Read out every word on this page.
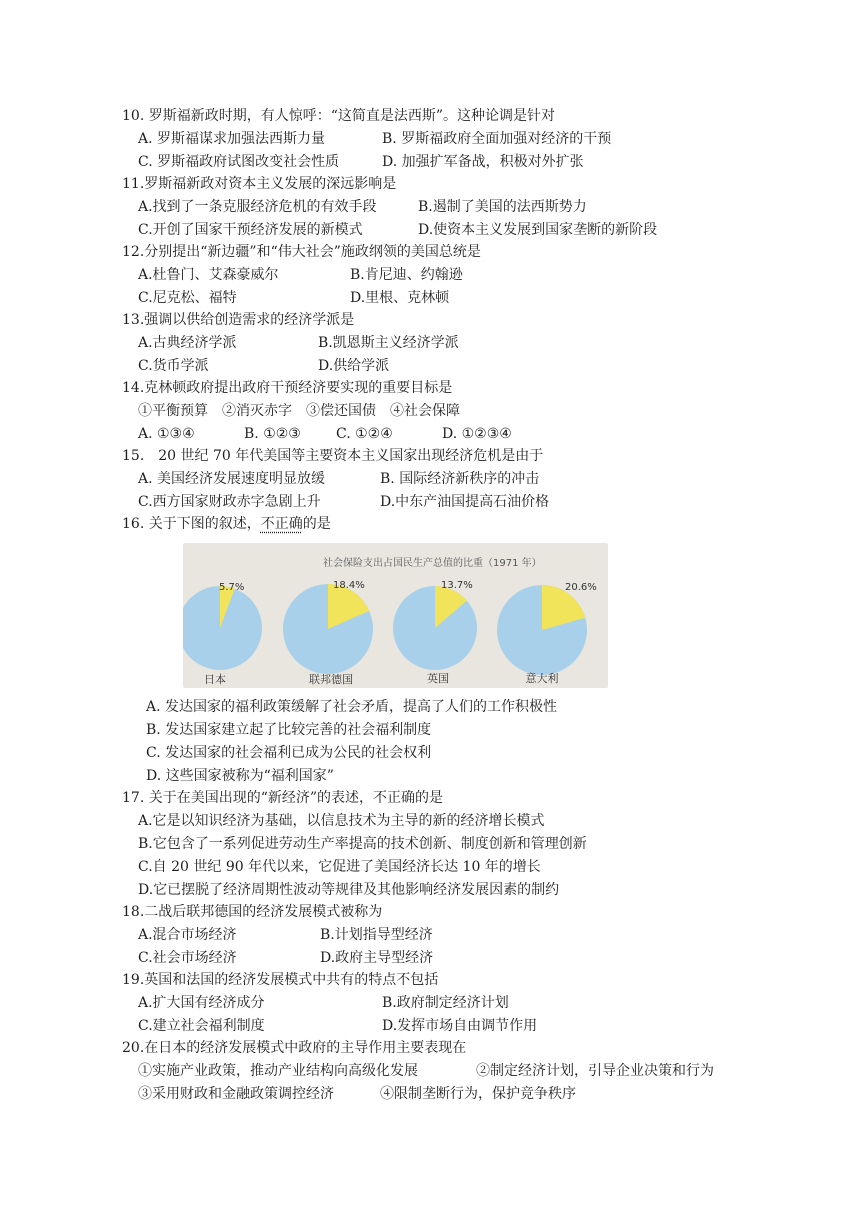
10. 罗斯福新政时期，有人惊呼：“这简直是法西斯”。这种论调是针对
A. 罗斯福谋求加强法西斯力量	B. 罗斯福政府全面加强对经济的干预
C. 罗斯福政府试图改变社会性质	D. 加强扩军备战，积极对外扩张
11.罗斯福新政对资本主义发展的深远影响是
A.找到了一条克服经济危机的有效手段	B.遏制了美国的法西斯势力
C.开创了国家干预经济发展的新模式	D.使资本主义发展到国家垄断的新阶段
12.分别提出“新边疆”和“伟大社会”施政纲领的美国总统是
A.杜鲁门、艾森豪威尔	B.肯尼迪、约翰逊
C.尼克松、福特	D.里根、克林顿
13.强调以供给创造需求的经济学派是
A.古典经济学派	B.凯恩斯主义经济学派
C.货币学派	D.供给学派
14.克林顿政府提出政府干预经济要实现的重要目标是
①平衡预算　②消灭赤字　③偿还国债　④社会保障
A. ①③④	B. ①②③	C. ①②④	D. ①②③④
15.　20 世纪 70 年代美国等主要资本主义国家出现经济危机是由于
A. 美国经济发展速度明显放缓	B. 国际经济新秩序的冲击
C.西方国家财政赤字急剧上升	D.中东产油国提高石油价格
16. 关于下图的叙述，不正确的是
社会保险支出占国民生产总值的比重（1971 年）
5.7%
日本
18.4%
联邦德国
13.7%
英国
20.6%
意大利
A. 发达国家的福利政策缓解了社会矛盾，提高了人们的工作积极性
B. 发达国家建立起了比较完善的社会福利制度
C. 发达国家的社会福利已成为公民的社会权利
D. 这些国家被称为“福利国家”
17. 关于在美国出现的“新经济”的表述，不正确的是
A.它是以知识经济为基础，以信息技术为主导的新的经济增长模式
B.它包含了一系列促进劳动生产率提高的技术创新、制度创新和管理创新
C.自 20 世纪 90 年代以来，它促进了美国经济长达 10 年的增长
D.它已摆脱了经济周期性波动等规律及其他影响经济发展因素的制约
18.二战后联邦德国的经济发展模式被称为
A.混合市场经济	B.计划指导型经济
C.社会市场经济	D.政府主导型经济
19.英国和法国的经济发展模式中共有的特点不包括
A.扩大国有经济成分	B.政府制定经济计划
C.建立社会福利制度	D.发挥市场自由调节作用
20.在日本的经济发展模式中政府的主导作用主要表现在
①实施产业政策，推动产业结构向高级化发展	②制定经济计划，引导企业决策和行为
③采用财政和金融政策调控经济	④限制垄断行为，保护竞争秩序
